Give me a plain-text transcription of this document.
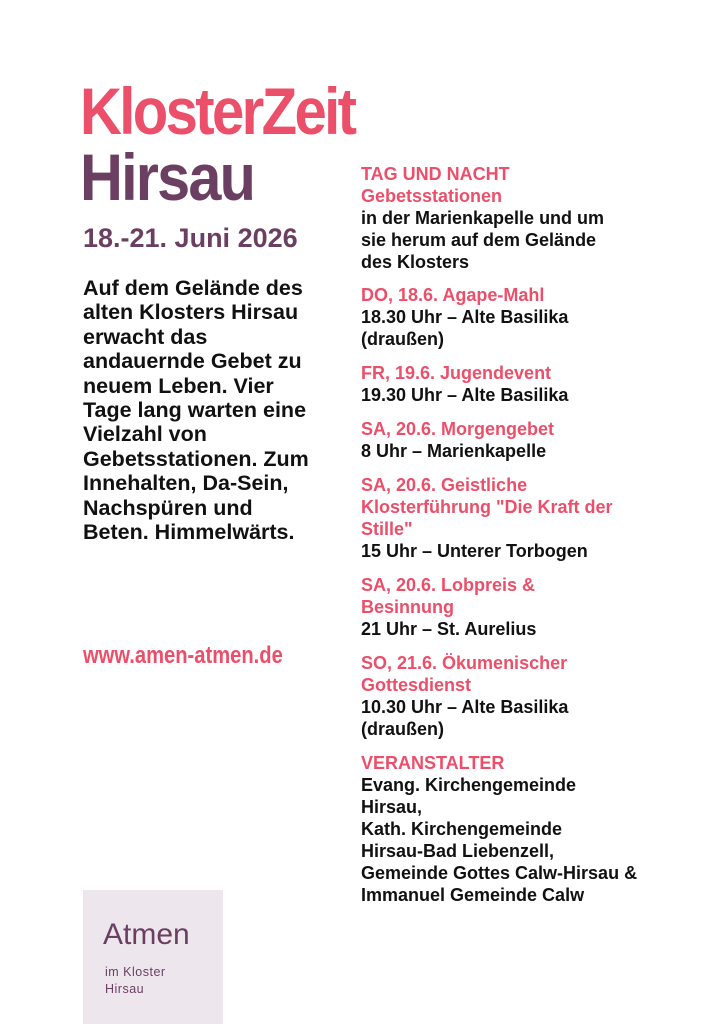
KlosterZeit
Hirsau
18.-21. Juni 2026
Auf dem Gelände des alten Klosters Hirsau erwacht das andauernde Gebet zu neuem Leben. Vier Tage lang warten eine Vielzahl von Gebetsstationen. Zum Innehalten, Da-Sein, Nachspüren und Beten. Himmelwärts.
www.amen-atmen.de
TAG UND NACHT
Gebetsstationen
in der Marienkapelle und um sie herum auf dem Gelände des Klosters
DO, 18.6. Agape-Mahl
18.30 Uhr – Alte Basilika (draußen)
FR, 19.6. Jugendevent
19.30 Uhr – Alte Basilika
SA, 20.6. Morgengebet
8 Uhr – Marienkapelle
SA, 20.6. Geistliche Klosterführung "Die Kraft der Stille"
15 Uhr – Unterer Torbogen
SA, 20.6. Lobpreis & Besinnung
21 Uhr – St. Aurelius
SO, 21.6. Ökumenischer Gottesdienst
10.30 Uhr – Alte Basilika (draußen)
VERANSTALTER
Evang. Kirchengemeinde Hirsau,
Kath. Kirchengemeinde Hirsau-Bad Liebenzell,
Gemeinde Gottes Calw-Hirsau &
Immanuel Gemeinde Calw
Atmen
im Kloster
Hirsau
